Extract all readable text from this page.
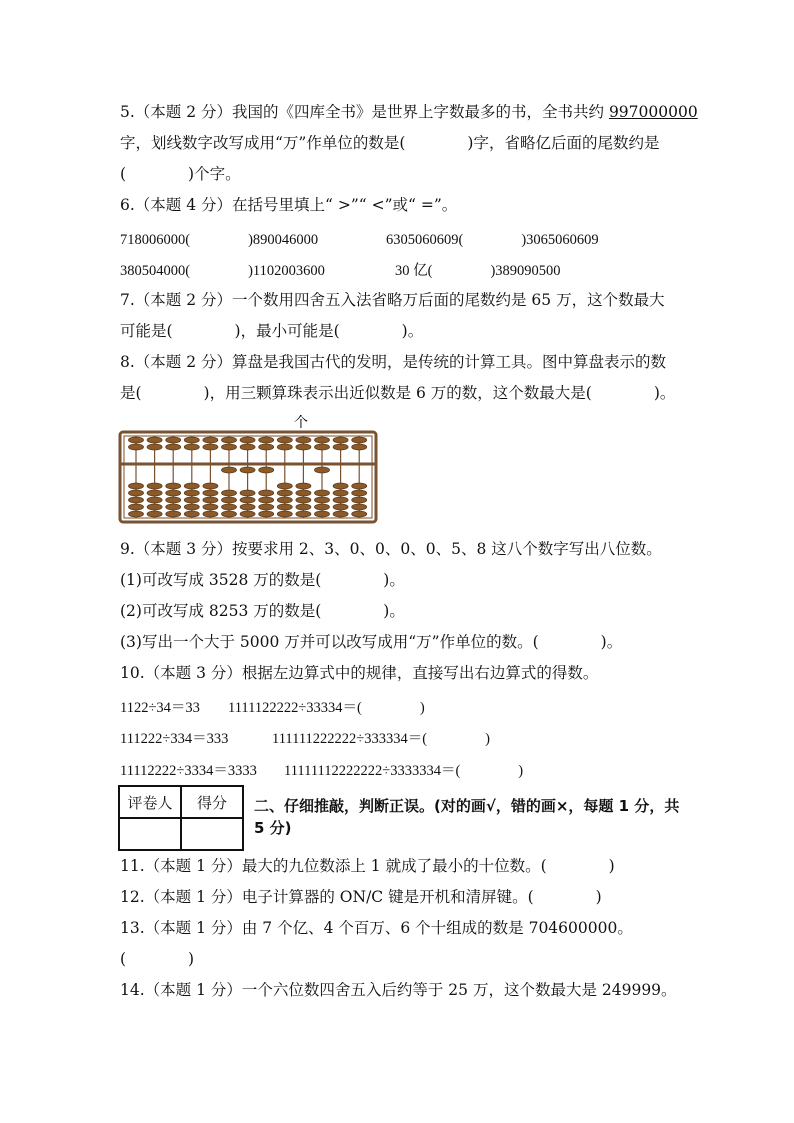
5.（本题 2 分）我国的《四库全书》是世界上字数最多的书，全书共约 997000000
字，划线数字改写成用“万”作单位的数是(　　　　)字，省略亿后面的尾数约是
(　　　　)个字。
6.（本题 4 分）在括号里填上“ >”“ <”或“ =”。
718006000(　　　　)890046000	6305060609(　　　　)3065060609
380504000(　　　　)1102003600	30 亿(　　　　)389090500
7.（本题 2 分）一个数用四舍五入法省略万后面的尾数约是 65 万，这个数最大
可能是(　　　　)，最小可能是(　　　　)。
8.（本题 2 分）算盘是我国古代的发明，是传统的计算工具。图中算盘表示的数
是(　　　　)，用三颗算珠表示出近似数是 6 万的数，这个数最大是(　　　　)。
个
9.（本题 3 分）按要求用 2、3、0、0、0、0、5、8 这八个数字写出八位数。
(1)可改写成 3528 万的数是(　　　　)。
(2)可改写成 8253 万的数是(　　　　)。
(3)写出一个大于 5000 万并可以改写成用“万”作单位的数。(　　　　)。
10.（本题 3 分）根据左边算式中的规律，直接写出右边算式的得数。
1122÷34＝33 1111122222÷33334＝(　　　　)
111222÷334＝333	111111222222÷333334＝(　　　　)
11112222÷3334＝3333 11111112222222÷3333334＝(　　　　)
评卷人	得分
	二、仔细推敲，判断正误。(对的画√，错的画×，每题 1 分，共 5 分)
11.（本题 1 分）最大的九位数添上 1 就成了最小的十位数。(　　　　)
12.（本题 1 分）电子计算器的 ON/C 键是开机和清屏键。(　　　　)
13.（本题 1 分）由 7 个亿、4 个百万、6 个十组成的数是 704600000。
(　　　　)
14.（本题 1 分）一个六位数四舍五入后约等于 25 万，这个数最大是 249999。
